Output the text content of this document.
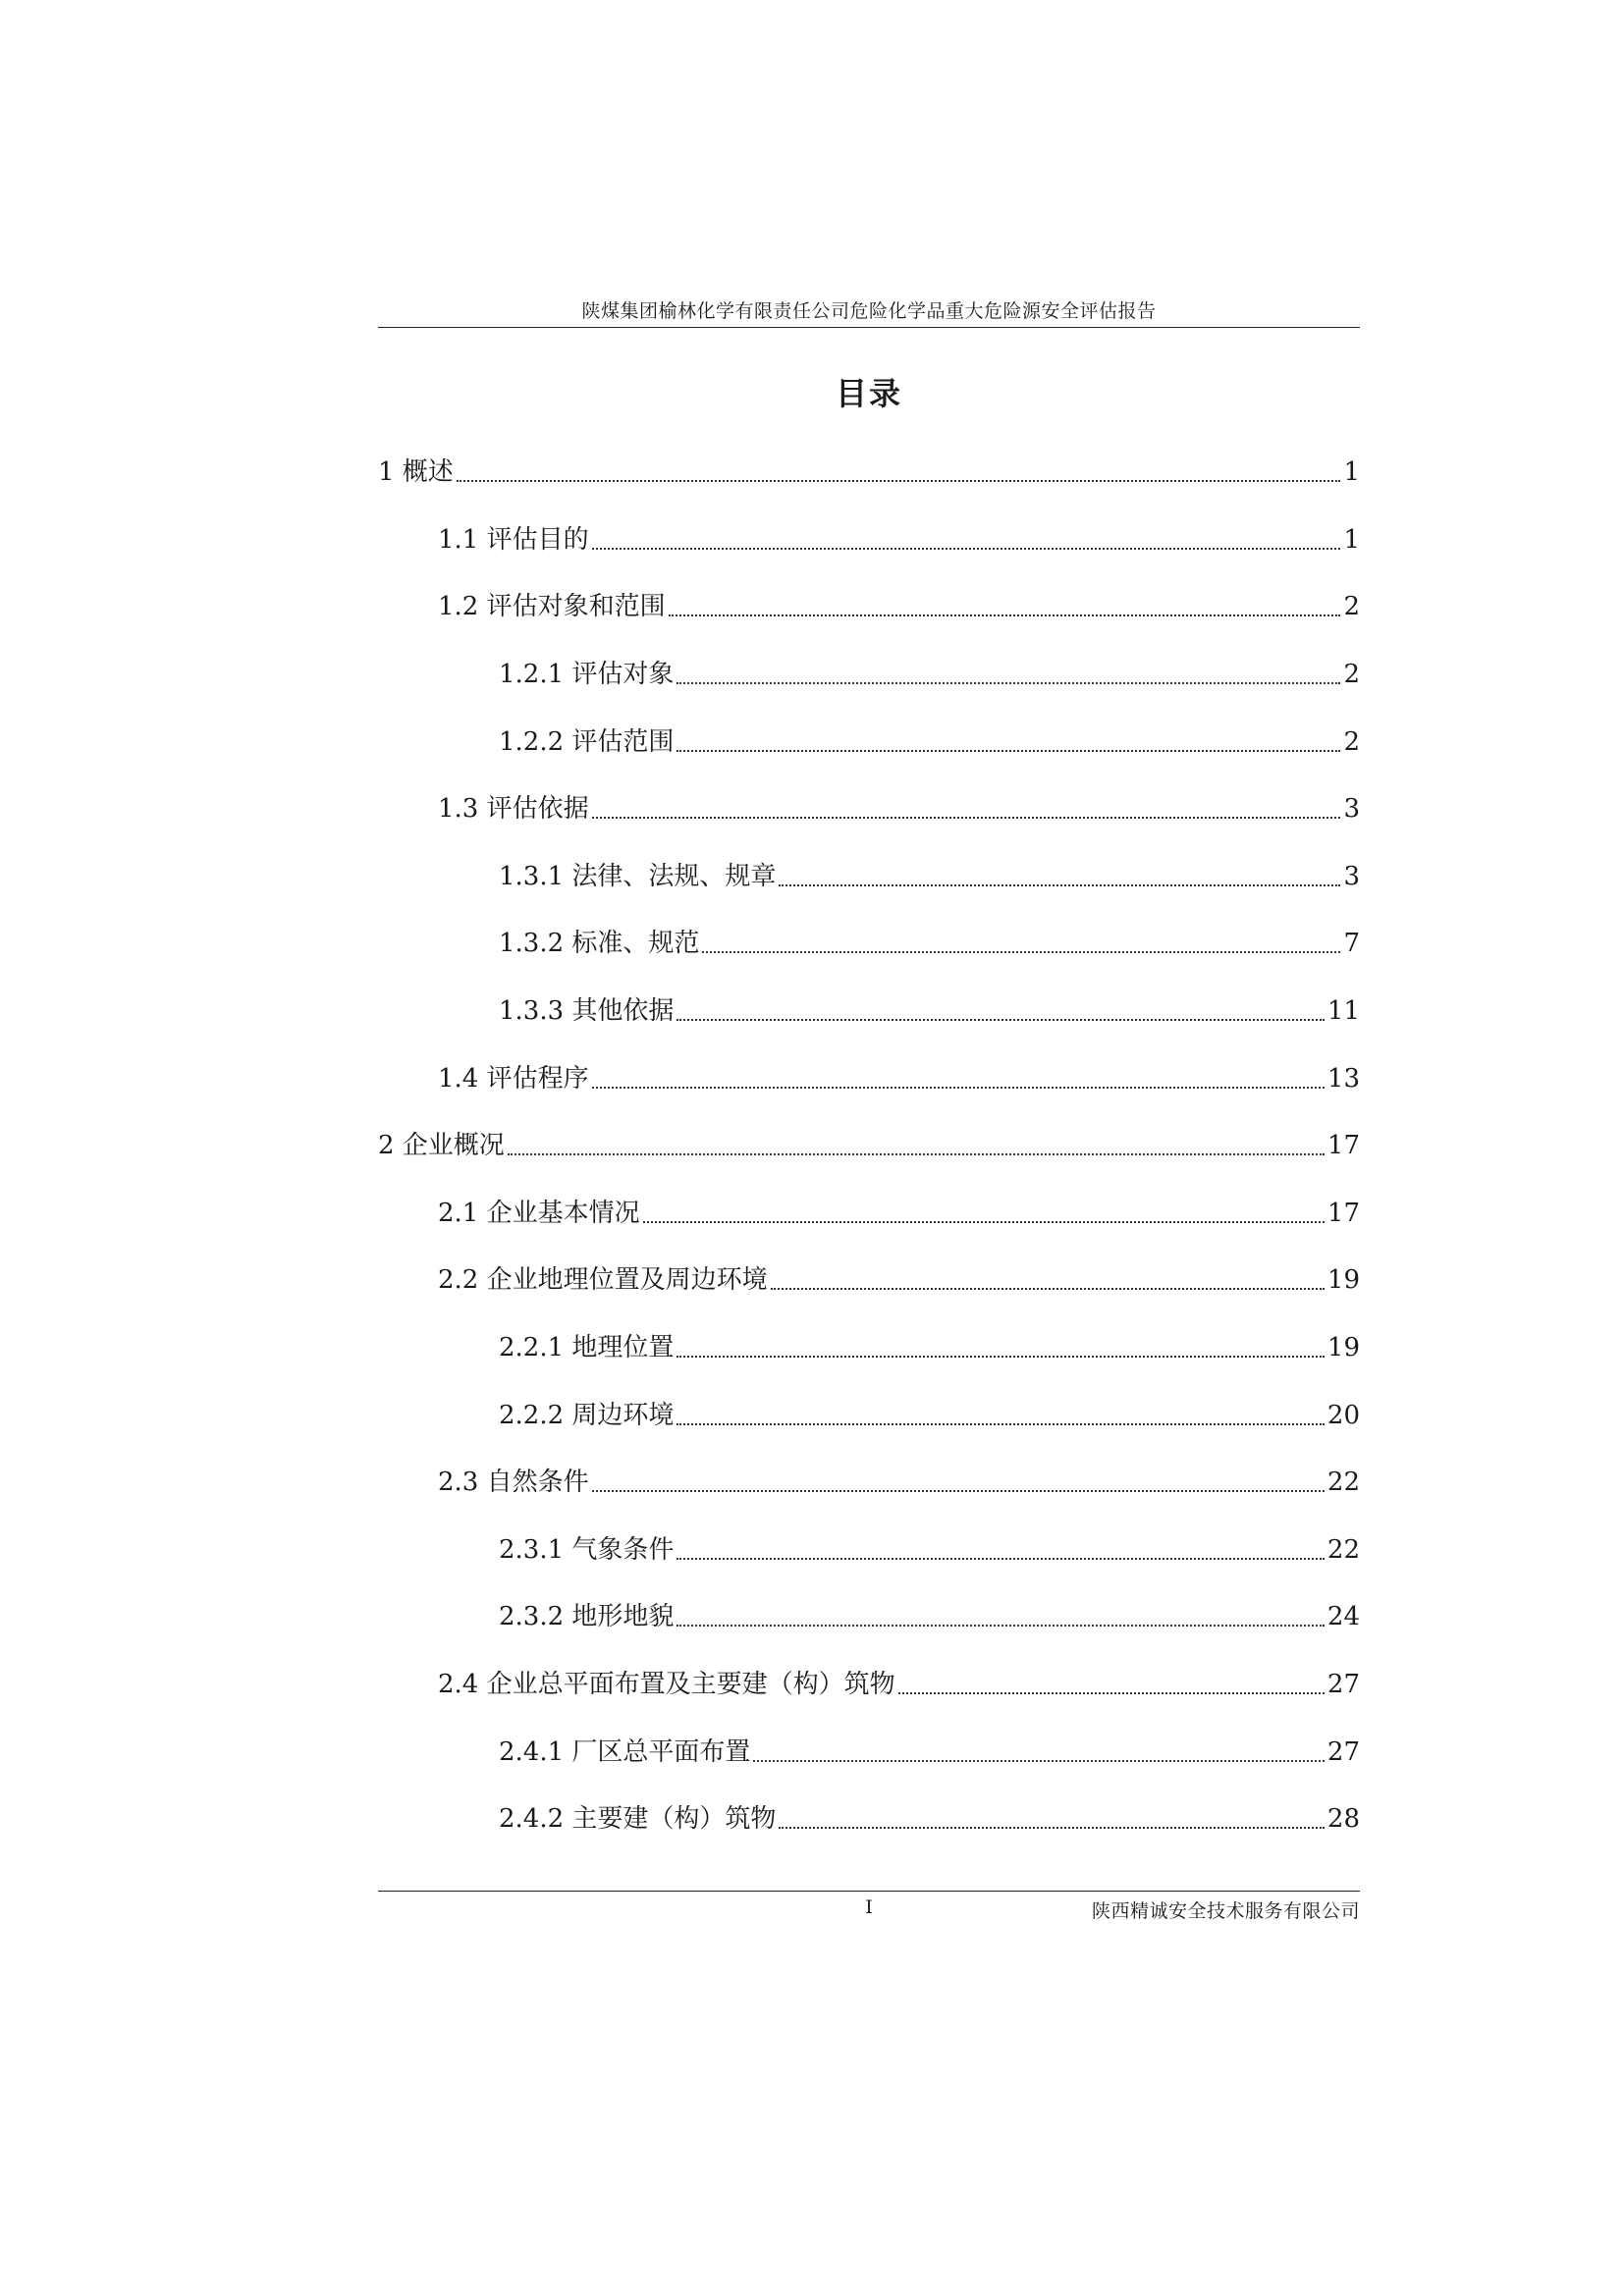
陕煤集团榆林化学有限责任公司危险化学品重大危险源安全评估报告
目录
1 概述	1
1.1 评估目的	1
1.2 评估对象和范围	2
1.2.1 评估对象	2
1.2.2 评估范围	2
1.3 评估依据	3
1.3.1 法律、法规、规章	3
1.3.2 标准、规范	7
1.3.3 其他依据	11
1.4 评估程序	13
2 企业概况	17
2.1 企业基本情况	17
2.2 企业地理位置及周边环境	19
2.2.1 地理位置	19
2.2.2 周边环境	20
2.3 自然条件	22
2.3.1 气象条件	22
2.3.2 地形地貌	24
2.4 企业总平面布置及主要建（构）筑物	27
2.4.1 厂区总平面布置	27
2.4.2 主要建（构）筑物	28
I	陕西精诚安全技术服务有限公司
